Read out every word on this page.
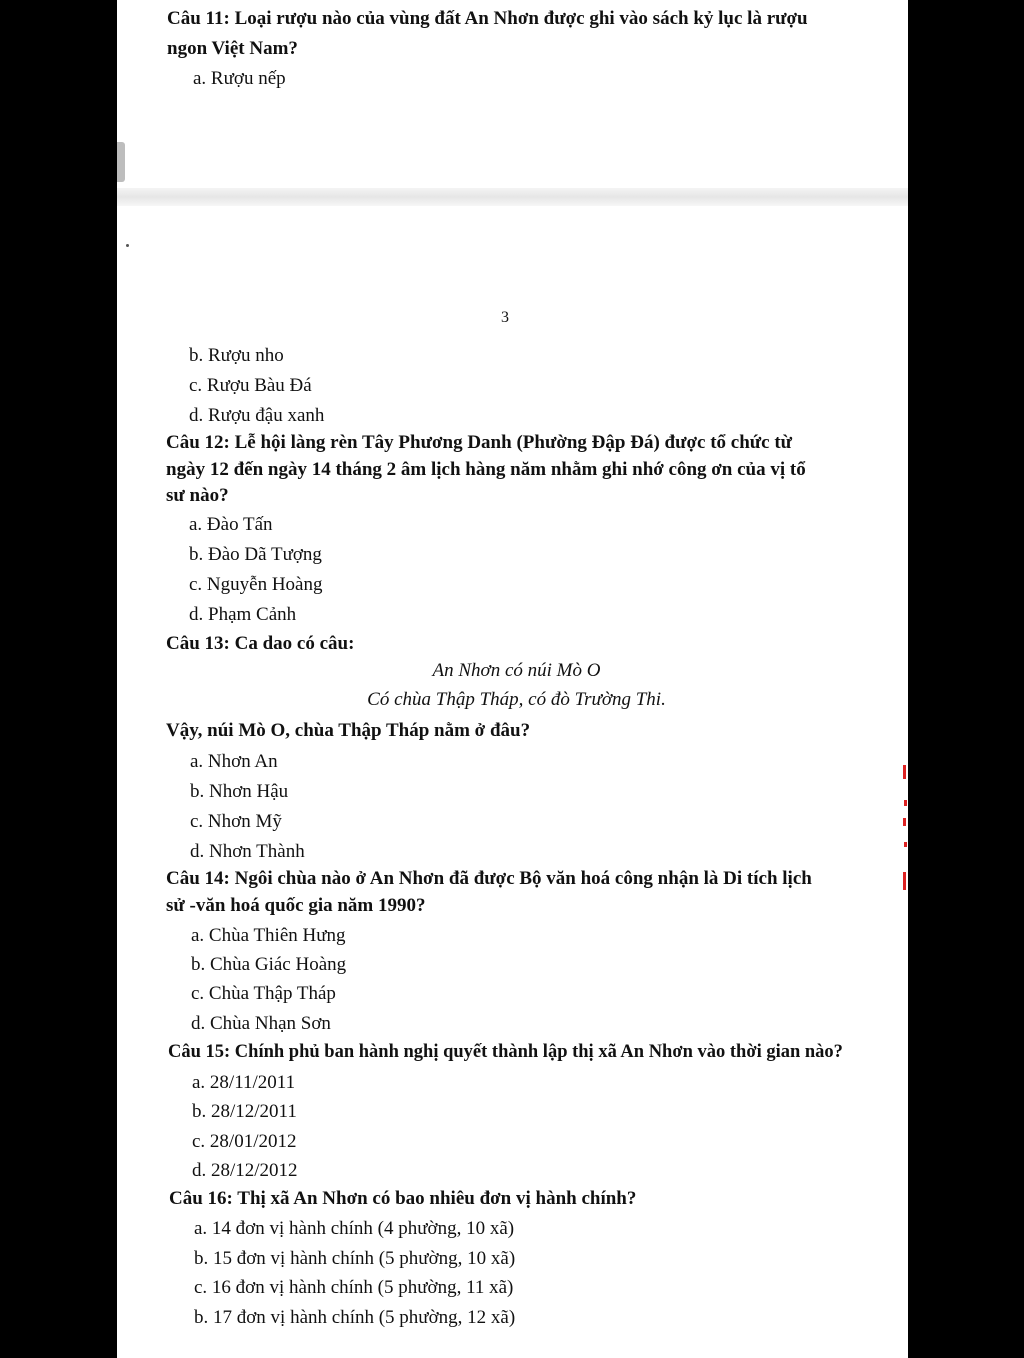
Câu 11: Loại rượu nào của vùng đất An Nhơn được ghi vào sách kỷ lục là rượu
ngon Việt Nam?
a. Rượu nếp
3
b. Rượu nho
c. Rượu Bàu Đá
d. Rượu đậu xanh
Câu 12: Lễ hội làng rèn Tây Phương Danh (Phường Đập Đá) được tổ chức từ
ngày 12 đến ngày 14 tháng 2 âm lịch hàng năm nhằm ghi nhớ công ơn của vị tổ
sư nào?
a. Đào Tấn
b. Đào Dã Tượng
c. Nguyễn Hoàng
d. Phạm Cảnh
Câu 13: Ca dao có câu:
An Nhơn có núi Mò O
Có chùa Thập Tháp, có đò Trường Thi.
Vậy, núi Mò O, chùa Thập Tháp nằm ở đâu?
a. Nhơn An
b. Nhơn Hậu
c. Nhơn Mỹ
d. Nhơn Thành
Câu 14: Ngôi chùa nào ở An Nhơn đã được Bộ văn hoá công nhận là Di tích lịch
sử -văn hoá quốc gia năm 1990?
a. Chùa Thiên Hưng
b. Chùa Giác Hoàng
c. Chùa Thập Tháp
d. Chùa Nhạn Sơn
Câu 15: Chính phủ ban hành nghị quyết thành lập thị xã An Nhơn vào thời gian nào?
a. 28/11/2011
b. 28/12/2011
c. 28/01/2012
d. 28/12/2012
Câu 16: Thị xã An Nhơn có bao nhiêu đơn vị hành chính?
a. 14 đơn vị hành chính (4 phường, 10 xã)
b. 15 đơn vị hành chính (5 phường, 10 xã)
c. 16 đơn vị hành chính (5 phường, 11 xã)
b. 17 đơn vị hành chính (5 phường, 12 xã)
